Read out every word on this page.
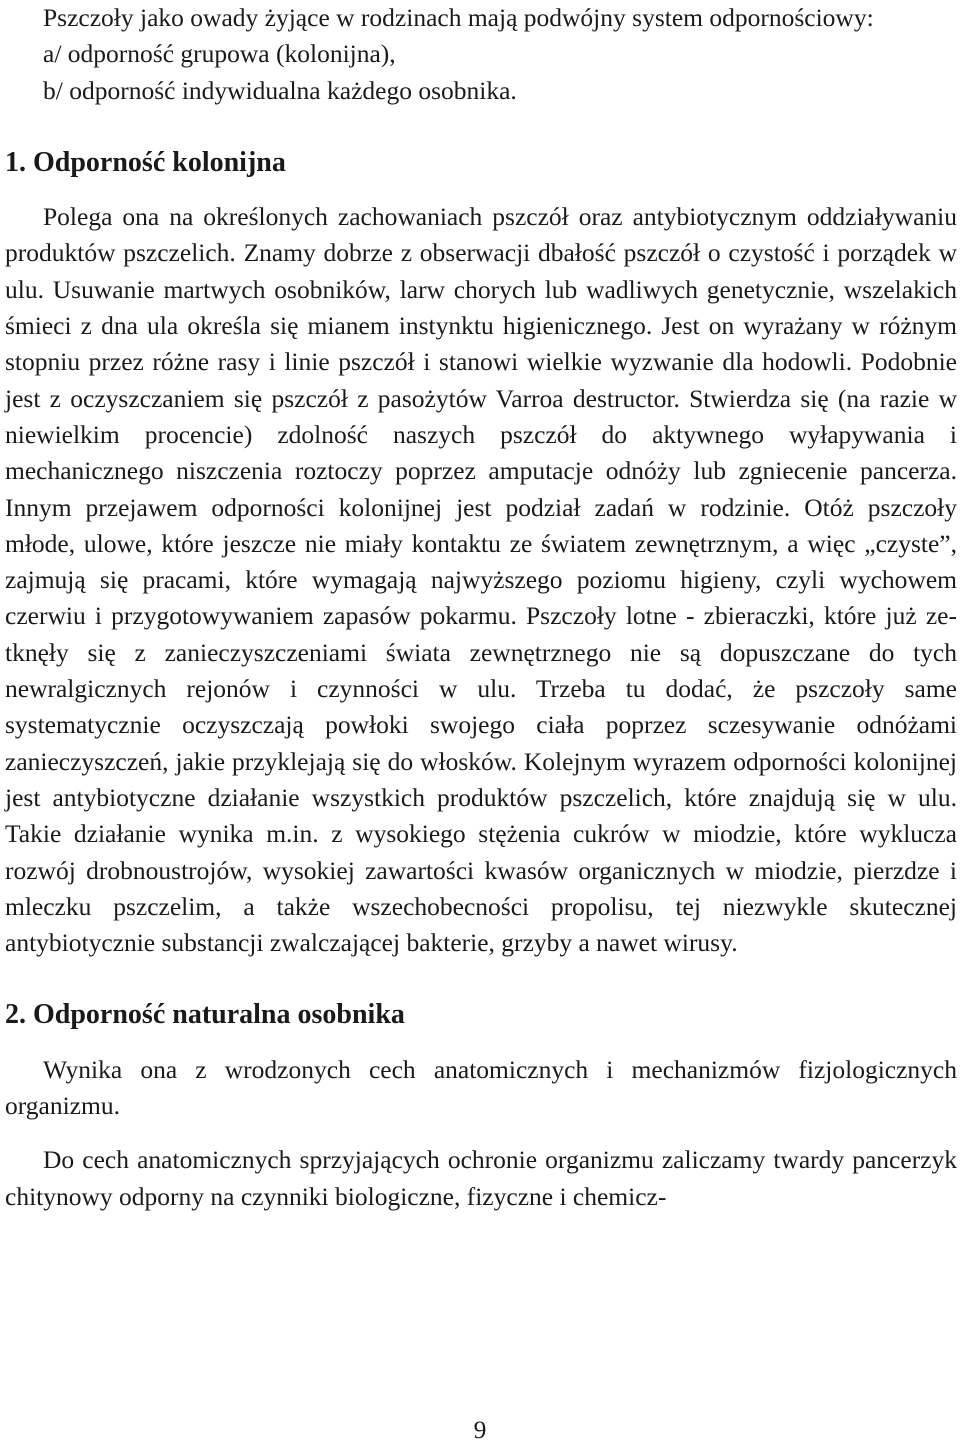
Pszczoły jako owady żyjące w rodzinach mają podwójny system odpornościowy:

a/ odporność grupowa (kolonijna),

b/ odporność indywidualna każdego osobnika.

1. Odporność kolonijna

Polega ona na określonych zachowaniach pszczół oraz antybiotycznym oddziaływaniu produktów pszczelich. Znamy dobrze z obserwacji dbałość pszczół o czystość i porządek w ulu. Usuwanie martwych osobników, larw chorych lub wadliwych genetycznie, wszelakich śmieci z dna ula określa się mianem instynktu higienicznego. Jest on wyrażany w różnym stopniu przez różne rasy i linie pszczół i stanowi wielkie wyzwanie dla hodowli. Podobnie jest z oczyszczaniem się pszczół z pasożytów Varroa destructor. Stwierdza się (na razie w niewielkim procencie) zdolność naszych pszczół do aktywnego wyłapywania i mechanicznego niszczenia roztoczy poprzez amputacje odnóży lub zgniecenie pancerza. Innym przejawem odporności kolonijnej jest podział zadań w rodzinie. Otóż pszczoły młode, ulowe, które jeszcze nie miały kontaktu ze światem zewnętrznym, a więc „czyste”, zajmują się pracami, które wymagają najwyższego poziomu higieny, czyli wychowem czerwiu i przygotowywaniem zapasów pokarmu. Pszczoły lotne - zbieraczki, które już zetknęły się z zanieczyszczeniami świata zewnętrznego nie są dopuszczane do tych newralgicznych rejonów i czynności w ulu. Trzeba tu dodać, że pszczoły same systematycznie oczyszczają powłoki swojego ciała poprzez sczesywanie odnóżami zanieczyszczeń, jakie przyklejają się do włosków. Kolejnym wyrazem odporności kolonijnej jest antybiotyczne działanie wszystkich produktów pszczelich, które znajdują się w ulu. Takie działanie wynika m.in. z wysokiego stężenia cukrów w miodzie, które wyklucza rozwój drobnoustrojów, wysokiej zawartości kwasów organicznych w miodzie, pierzdze i mleczku pszczelim, a także wszechobecności propolisu, tej niezwykle skutecznej antybiotycznie substancji zwalczającej bakterie, grzyby a nawet wirusy.

2. Odporność naturalna osobnika

Wynika ona z wrodzonych cech anatomicznych i mechanizmów fizjologicznych organizmu.

Do cech anatomicznych sprzyjających ochronie organizmu zaliczamy twardy pancerzyk chitynowy odporny na czynniki biologiczne, fizyczne i chemicz-

9
